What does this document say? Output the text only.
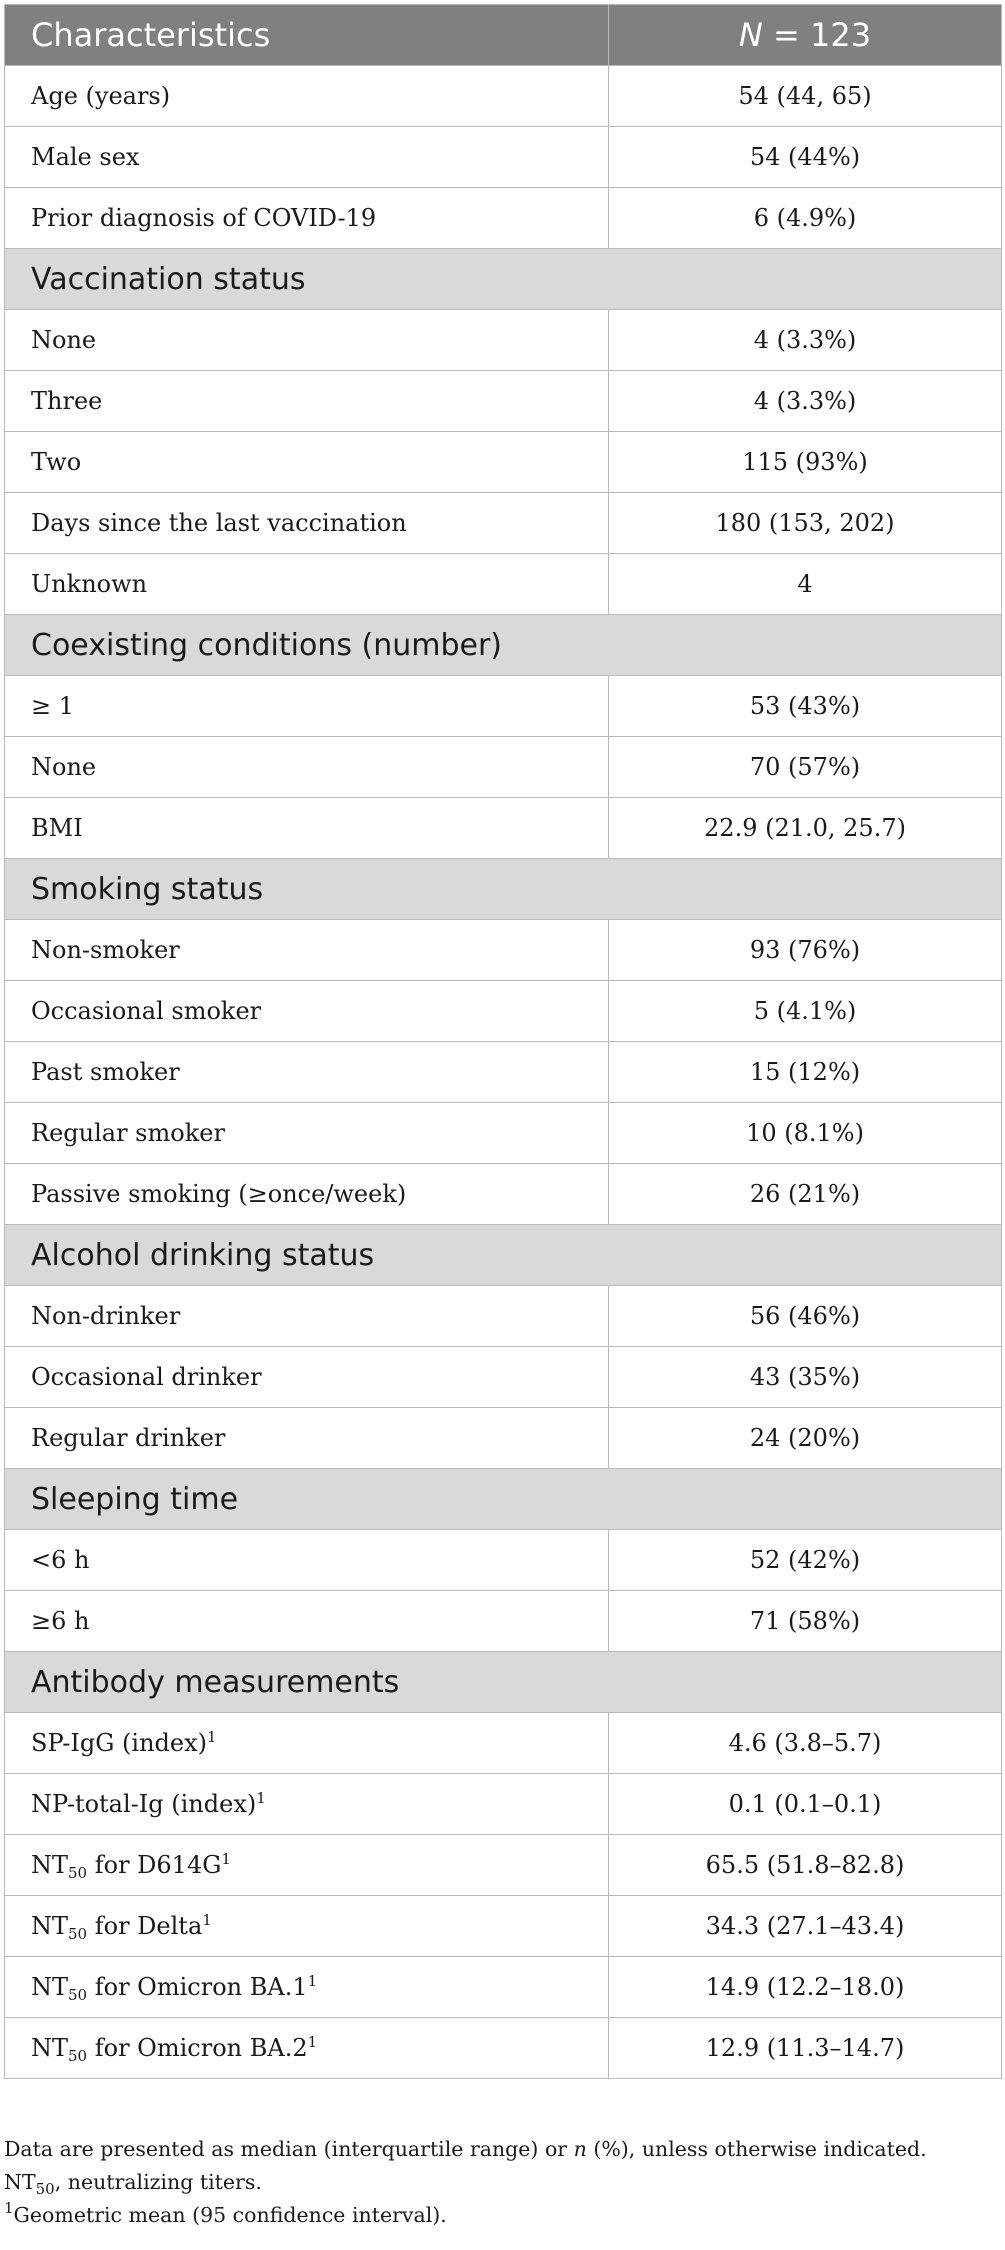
Characteristics	N = 123
Age (years)	54 (44, 65)
Male sex	54 (44%)
Prior diagnosis of COVID-19	6 (4.9%)
Vaccination status	
None	4 (3.3%)
Three	4 (3.3%)
Two	115 (93%)
Days since the last vaccination	180 (153, 202)
Unknown	4
Coexisting conditions (number)	
≥ 1	53 (43%)
None	70 (57%)
BMI	22.9 (21.0, 25.7)
Smoking status	
Non-smoker	93 (76%)
Occasional smoker	5 (4.1%)
Past smoker	15 (12%)
Regular smoker	10 (8.1%)
Passive smoking (≥once/week)	26 (21%)
Alcohol drinking status	
Non-drinker	56 (46%)
Occasional drinker	43 (35%)
Regular drinker	24 (20%)
Sleeping time	
<6 h	52 (42%)
≥6 h	71 (58%)
Antibody measurements	
SP-IgG (index)$^1$	4.6 (3.8–5.7)
NP-total-Ig (index)$^1$	0.1 (0.1–0.1)
$NT_{50}$ for $D614G^1$	65.5 (51.8–82.8)
$NT_{50}$ for Delta$^1$	34.3 (27.1–43.4)
$NT_{50}$ for Omicron $BA.1^1$	14.9 (12.2–18.0)
$NT_{50}$ for Omicron $BA.2^1$	12.9 (11.3–14.7)

Data are presented as median (interquartile range) or n (%), unless otherwise indicated.

$NT_{50}$, neutralizing titers.

$^1$Geometric mean (95 confidence interval).
